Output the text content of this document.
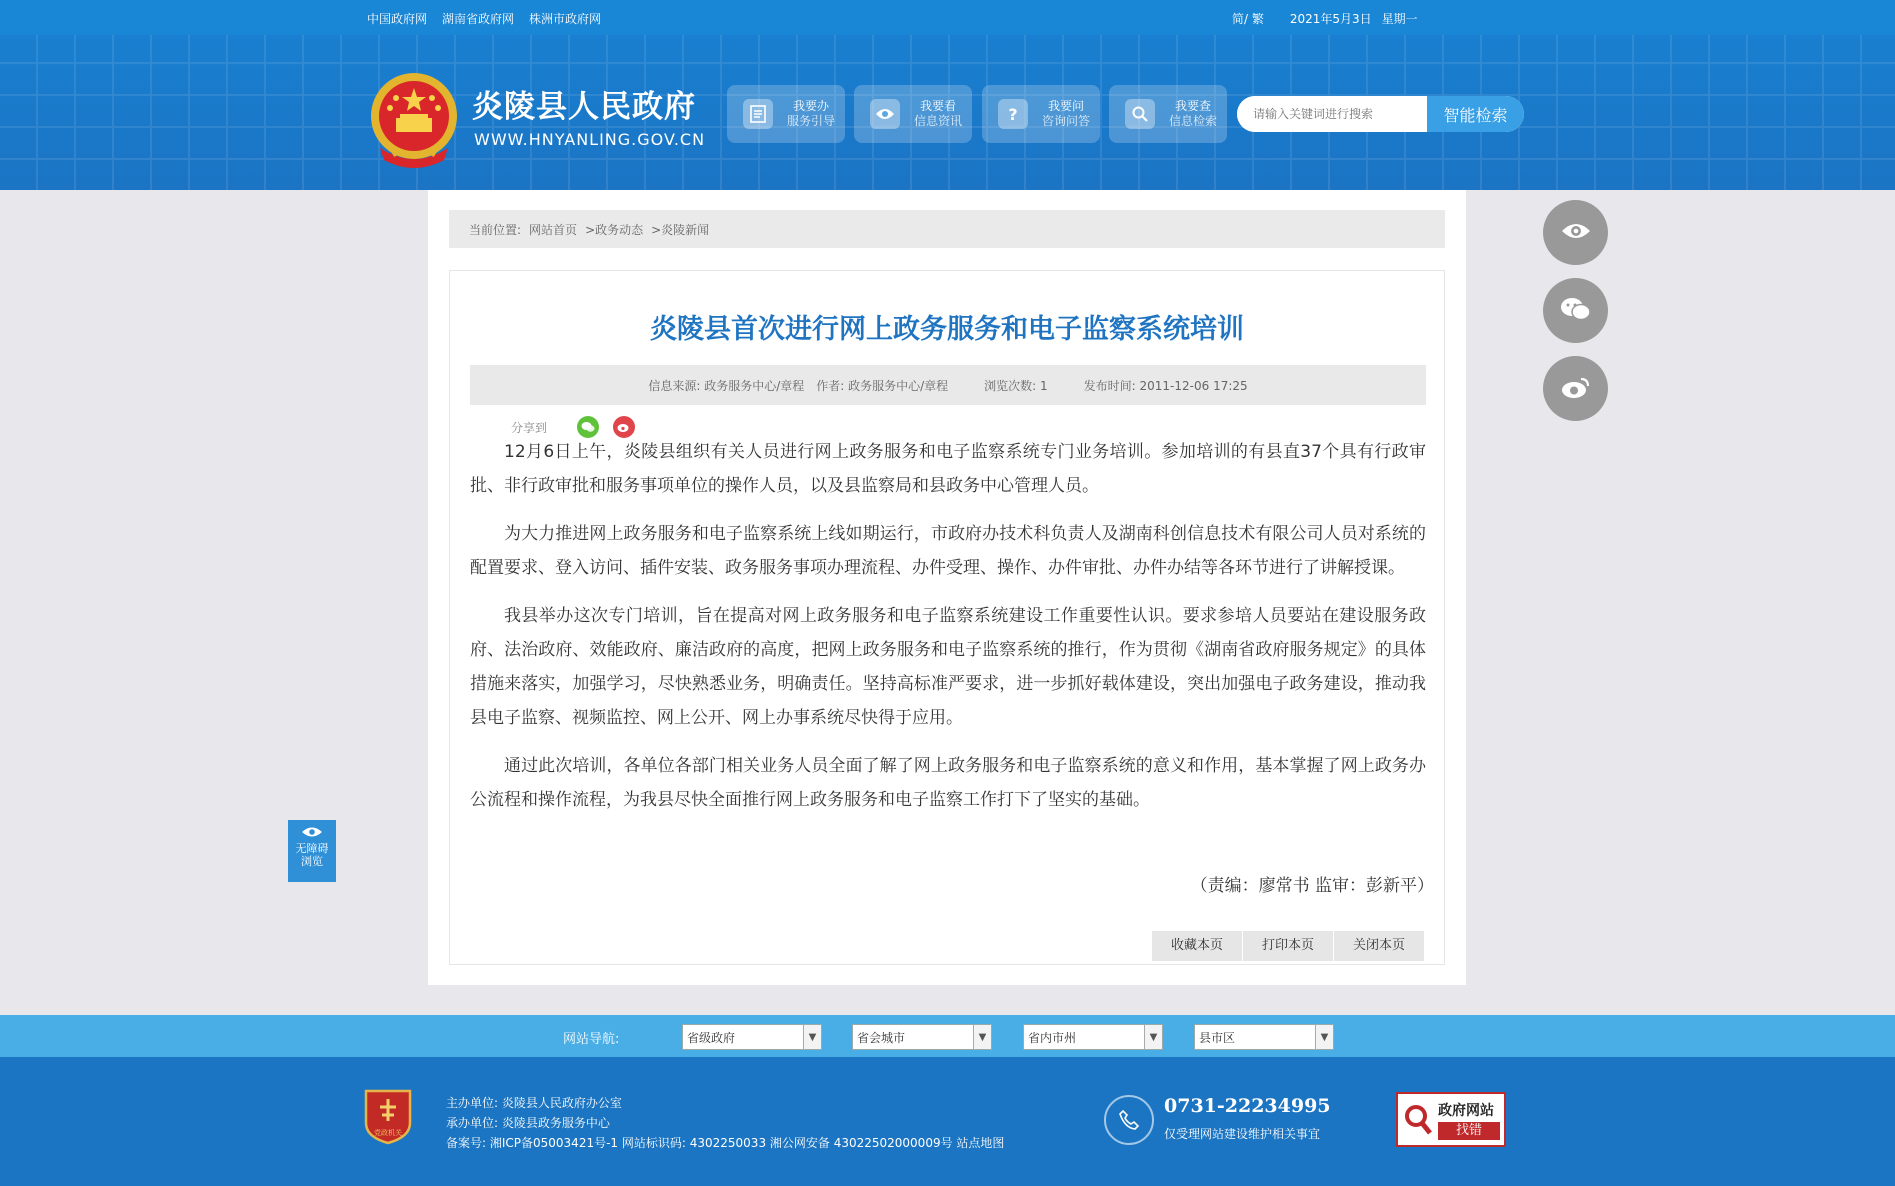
中国政府网 湖南省政府网 株洲市政府网	简/ 繁 2021年5月3日 星期一
炎陵县人民政府
WWW.HNYANLING.GOV.CN
我要办
服务引导
我要看
信息资讯	?	我要问
咨询问答
我要查
信息检索
请输入关键词进行搜索	智能检索
当前位置: 网站首页 >政务动态 >炎陵新闻
炎陵县首次进行网上政务服务和电子监察系统培训
信息来源: 政务服务中心/章程 作者: 政务服务中心/章程	浏览次数: 1	发布时间: 2011-12-06 17:25
分享到

12月6日上午，炎陵县组织有关人员进行网上政务服务和电子监察系统专门业务培训。参加培训的有县直37个具有行政审批、非行政审批和服务事项单位的操作人员，以及县监察局和县政务中心管理人员。

为大力推进网上政务服务和电子监察系统上线如期运行，市政府办技术科负责人及湖南科创信息技术有限公司人员对系统的配置要求、登入访问、插件安装、政务服务事项办理流程、办件受理、操作、办件审批、办件办结等各环节进行了讲解授课。

我县举办这次专门培训，旨在提高对网上政务服务和电子监察系统建设工作重要性认识。要求参培人员要站在建设服务政府、法治政府、效能政府、廉洁政府的高度，把网上政务服务和电子监察系统的推行，作为贯彻《湖南省政府服务规定》的具体措施来落实，加强学习，尽快熟悉业务，明确责任。坚持高标准严要求，进一步抓好载体建设，突出加强电子政务建设，推动我县电子监察、视频监控、网上公开、网上办事系统尽快得于应用。

通过此次培训，各单位各部门相关业务人员全面了解了网上政务服务和电子监察系统的意义和作用，基本掌握了网上政务办公流程和操作流程，为我县尽快全面推行网上政务服务和电子监察工作打下了坚实的基础。

（责编：廖常书 监审：彭新平）
收藏本页	打印本页	关闭本页
无障碍
浏览
网站导航:	省级政府	▼	省会城市	▼	省内市州	▼	县市区	▼
党政机关
主办单位: 炎陵县人民政府办公室
承办单位: 炎陵县政务服务中心
备案号: 湘ICP备05003421号-1 网站标识码: 4302250033 湘公网安备 43022502000009号 站点地图
0731-22234995
仅受理网站建设维护相关事宜
政府网站
找错
